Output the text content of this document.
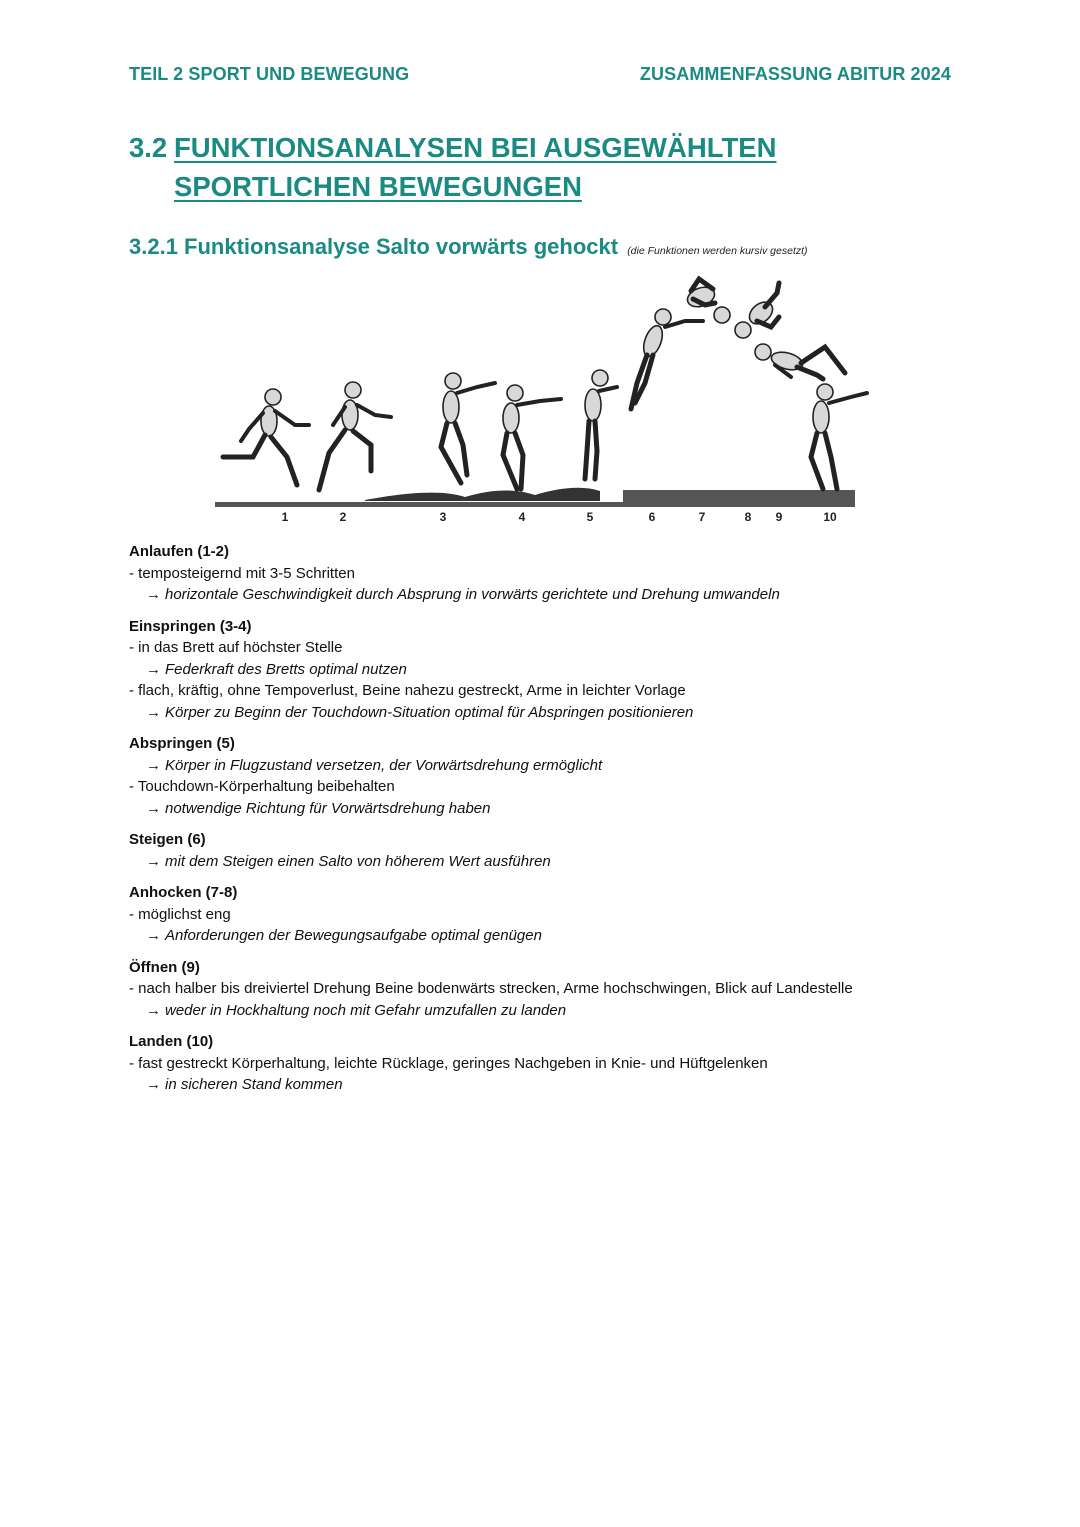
TEIL 2 SPORT UND BEWEGUNG	ZUSAMMENFASSUNG ABITUR 2024
3.2 FUNKTIONSANALYSEN BEI AUSGEWÄHLTEN SPORTLICHEN BEWEGUNGEN
3.2.1 Funktionsanalyse Salto vorwärts gehockt (die Funktionen werden kursiv gesetzt)
1	2	3	4	5	6	7	8 9	10
Anlaufen (1-2)
- temposteigernd mit 3-5 Schritten
→ horizontale Geschwindigkeit durch Absprung in vorwärts gerichtete und Drehung umwandeln
Einspringen (3-4)
- in das Brett auf höchster Stelle
→ Federkraft des Bretts optimal nutzen
- flach, kräftig, ohne Tempoverlust, Beine nahezu gestreckt, Arme in leichter Vorlage
→ Körper zu Beginn der Touchdown-Situation optimal für Abspringen positionieren
Abspringen (5)
→ Körper in Flugzustand versetzen, der Vorwärtsdrehung ermöglicht
- Touchdown-Körperhaltung beibehalten
→ notwendige Richtung für Vorwärtsdrehung haben
Steigen (6)
→ mit dem Steigen einen Salto von höherem Wert ausführen
Anhocken (7-8)
- möglichst eng
→ Anforderungen der Bewegungsaufgabe optimal genügen
Öffnen (9)
- nach halber bis dreiviertel Drehung Beine bodenwärts strecken, Arme hochschwingen, Blick auf Landestelle
→ weder in Hockhaltung noch mit Gefahr umzufallen zu landen
Landen (10)
- fast gestreckt Körperhaltung, leichte Rücklage, geringes Nachgeben in Knie- und Hüftgelenken
→ in sicheren Stand kommen
